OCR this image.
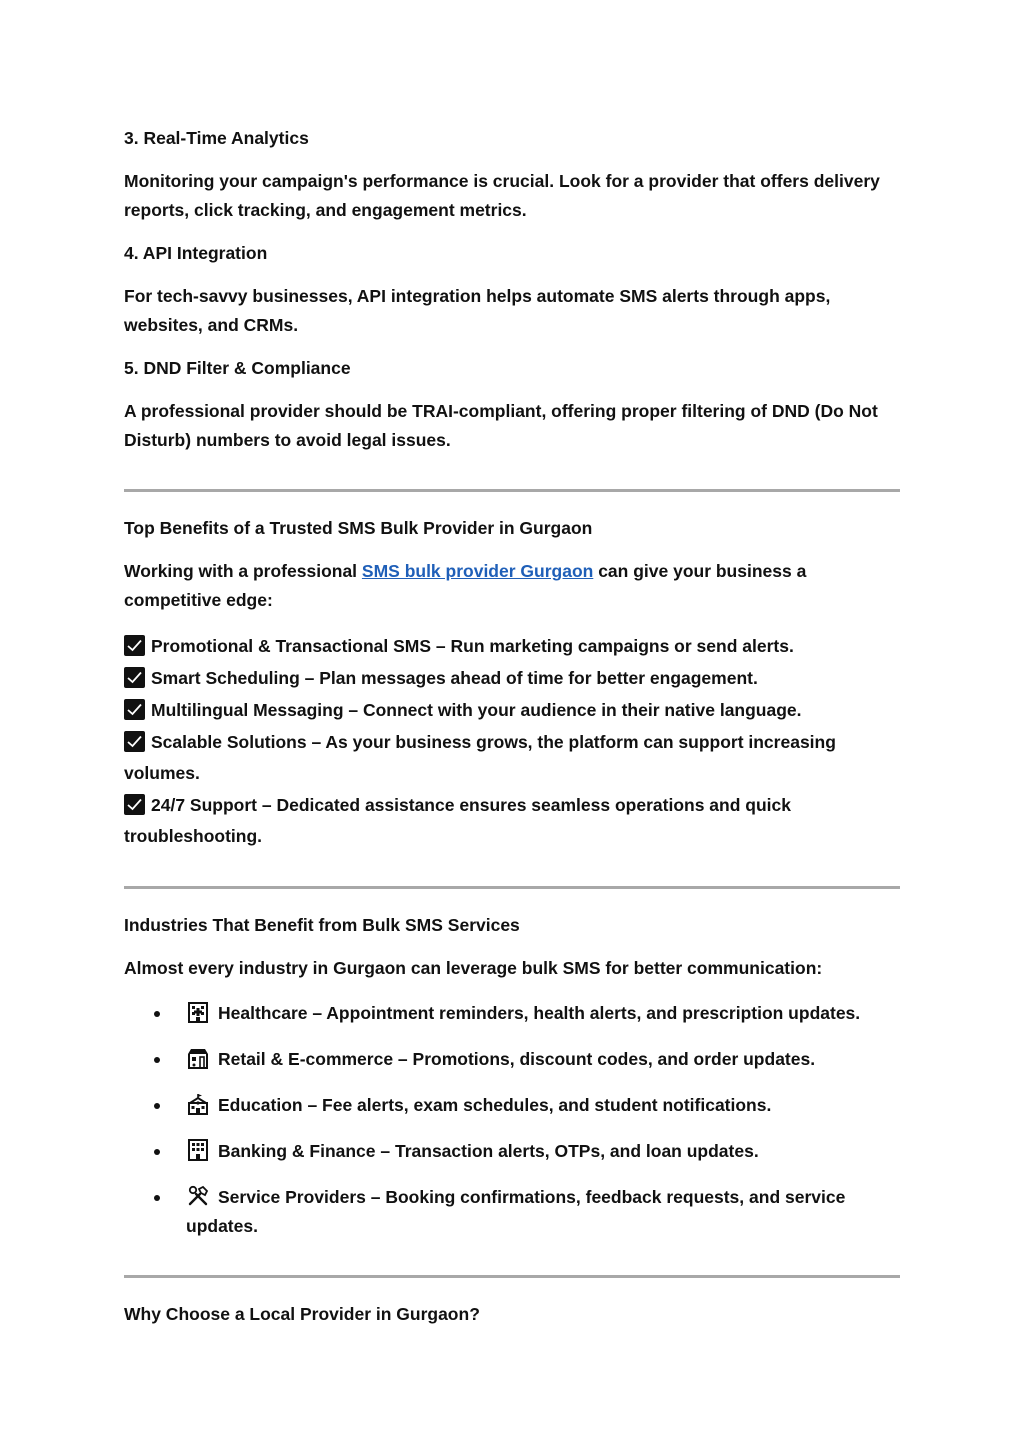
3. Real-Time Analytics

Monitoring your campaign's performance is crucial. Look for a provider that offers delivery reports, click tracking, and engagement metrics.

4. API Integration

For tech-savvy businesses, API integration helps automate SMS alerts through apps, websites, and CRMs.

5. DND Filter & Compliance

A professional provider should be TRAI-compliant, offering proper filtering of DND (Do Not Disturb) numbers to avoid legal issues.

Top Benefits of a Trusted SMS Bulk Provider in Gurgaon

Working with a professional SMS bulk provider Gurgaon can give your business a competitive edge:

Promotional & Transactional SMS – Run marketing campaigns or send alerts.
Smart Scheduling – Plan messages ahead of time for better engagement.
Multilingual Messaging – Connect with your audience in their native language.
Scalable Solutions – As your business grows, the platform can support increasing volumes.
24/7 Support – Dedicated assistance ensures seamless operations and quick troubleshooting.

Industries That Benefit from Bulk SMS Services

Almost every industry in Gurgaon can leverage bulk SMS for better communication:

Healthcare – Appointment reminders, health alerts, and prescription updates.
Retail & E-commerce – Promotions, discount codes, and order updates.
Education – Fee alerts, exam schedules, and student notifications.
Banking & Finance – Transaction alerts, OTPs, and loan updates.
Service Providers – Booking confirmations, feedback requests, and service updates.

Why Choose a Local Provider in Gurgaon?
